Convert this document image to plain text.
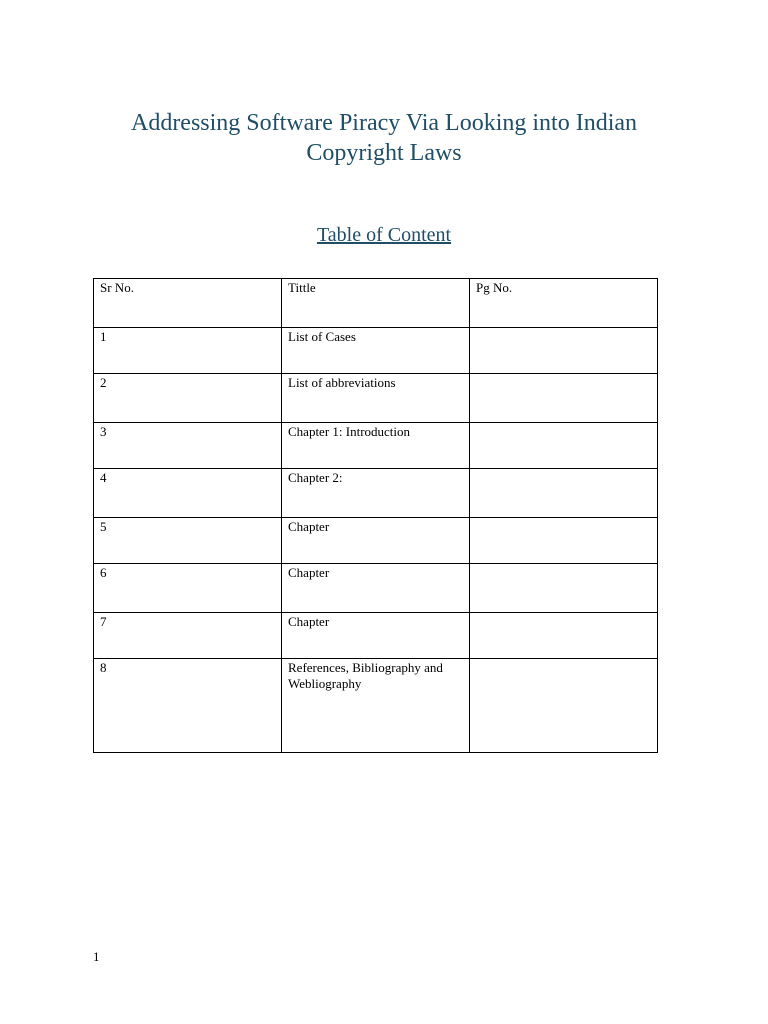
Addressing Software Piracy Via Looking into Indian Copyright Laws
Table of Content
Sr No.	Tittle	Pg No.
1	List of Cases	
2	List of abbreviations	
3	Chapter 1: Introduction	
4	Chapter 2:	
5	Chapter	
6	Chapter	
7	Chapter	
8	References, Bibliography and Webliography	
1
